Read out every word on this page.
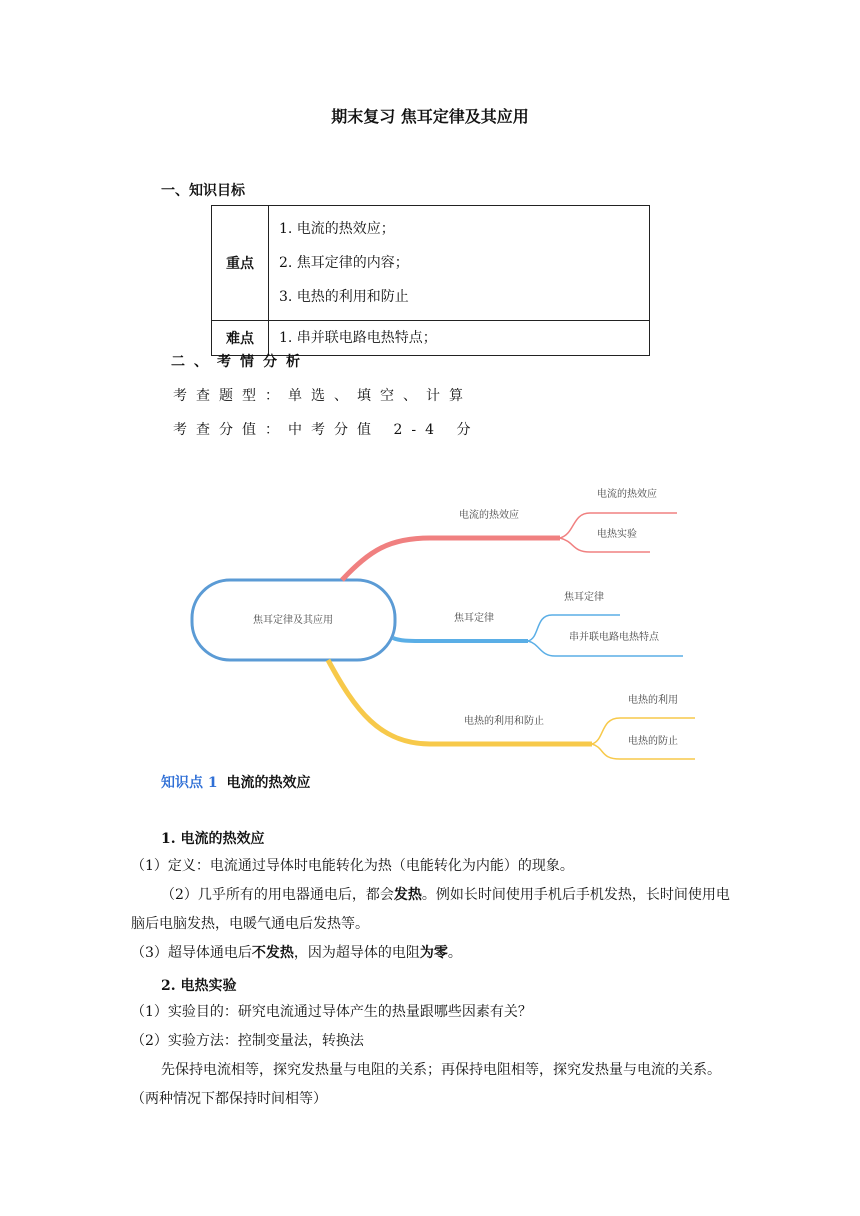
期末复习 焦耳定律及其应用
一、知识目标
重点	1. 电流的热效应；
2. 焦耳定律的内容；
3. 电热的利用和防止

难点	1. 串并联电路电热特点；
二、考情分析
考查题型：单选、填空、计算
考查分值：中考分值 2-4 分
焦耳定律及其应用
电流的热效应
电流的热效应
电热实验
焦耳定律
焦耳定律
串并联电路电热特点
电热的利用和防止
电热的利用
电热的防止
知识点 1 电流的热效应
1. 电流的热效应
（1）定义：电流通过导体时电能转化为热（电能转化为内能）的现象。
（2）几乎所有的用电器通电后，都会发热。例如长时间使用手机后手机发热，长时间使用电脑后电脑发热，电暖气通电后发热等。
（3）超导体通电后不发热，因为超导体的电阻为零。
2. 电热实验
（1）实验目的：研究电流通过导体产生的热量跟哪些因素有关？
（2）实验方法：控制变量法，转换法
先保持电流相等，探究发热量与电阻的关系；再保持电阻相等，探究发热量与电流的关系。（两种情况下都保持时间相等）
